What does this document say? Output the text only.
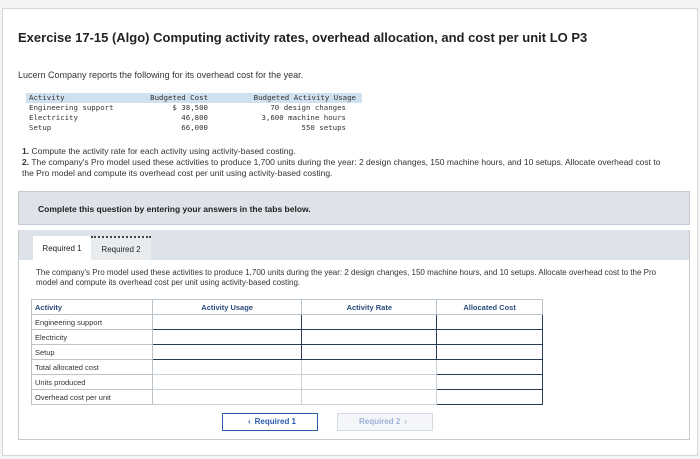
Exercise 17-15 (Algo) Computing activity rates, overhead allocation, and cost per unit LO P3
Lucern Company reports the following for its overhead cost for the year.
Activity	Budgeted Cost	Budgeted Activity Usage
Engineering support	$ 38,500	70 design changes
Electricity	46,800	3,600 machine hours
Setup	66,000	550 setups
1. Compute the activity rate for each activity using activity-based costing.
2. The company's Pro model used these activities to produce 1,700 units during the year: 2 design changes, 150 machine hours, and 10 setups. Allocate overhead cost to the Pro model and compute its overhead cost per unit using activity-based costing.
Complete this question by entering your answers in the tabs below.
Required 1	Required 2
The company's Pro model used these activities to produce 1,700 units during the year: 2 design changes, 150 machine hours, and 10 setups. Allocate overhead cost to the Pro model and compute its overhead cost per unit using activity-based costing.
Activity	Activity Usage	Activity Rate	Allocated Cost
Engineering support			
Electricity			
Setup			
Total allocated cost			
Units produced			
Overhead cost per unit			
‹ Required 1	Required 2 ›
